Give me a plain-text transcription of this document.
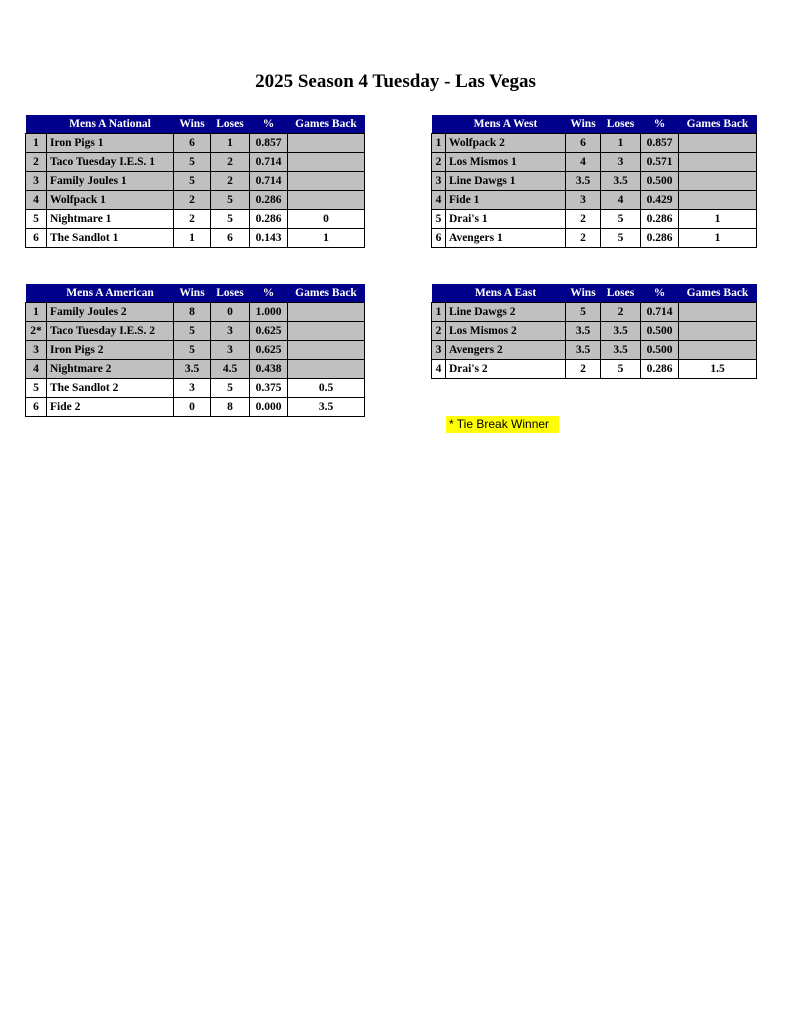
2025 Season 4 Tuesday - Las Vegas
	Mens A National	Wins	Loses	%	Games Back
1	Iron Pigs 1	6	1	0.857	
2	Taco Tuesday I.E.S. 1	5	2	0.714	
3	Family Joules 1	5	2	0.714	
4	Wolfpack 1	2	5	0.286	
5	Nightmare 1	2	5	0.286	0
6	The Sandlot 1	1	6	0.143	1
	Mens A West	Wins	Loses	%	Games Back
1	Wolfpack 2	6	1	0.857	
2	Los Mismos 1	4	3	0.571	
3	Line Dawgs 1	3.5	3.5	0.500	
4	Fide 1	3	4	0.429	
5	Drai's 1	2	5	0.286	1
6	Avengers 1	2	5	0.286	1
	Mens A American	Wins	Loses	%	Games Back
1	Family Joules 2	8	0	1.000	
2*	Taco Tuesday I.E.S. 2	5	3	0.625	
3	Iron Pigs 2	5	3	0.625	
4	Nightmare 2	3.5	4.5	0.438	
5	The Sandlot 2	3	5	0.375	0.5
6	Fide 2	0	8	0.000	3.5
	Mens A East	Wins	Loses	%	Games Back
1	Line Dawgs 2	5	2	0.714	
2	Los Mismos 2	3.5	3.5	0.500	
3	Avengers 2	3.5	3.5	0.500	
4	Drai's 2	2	5	0.286	1.5
* Tie Break Winner
